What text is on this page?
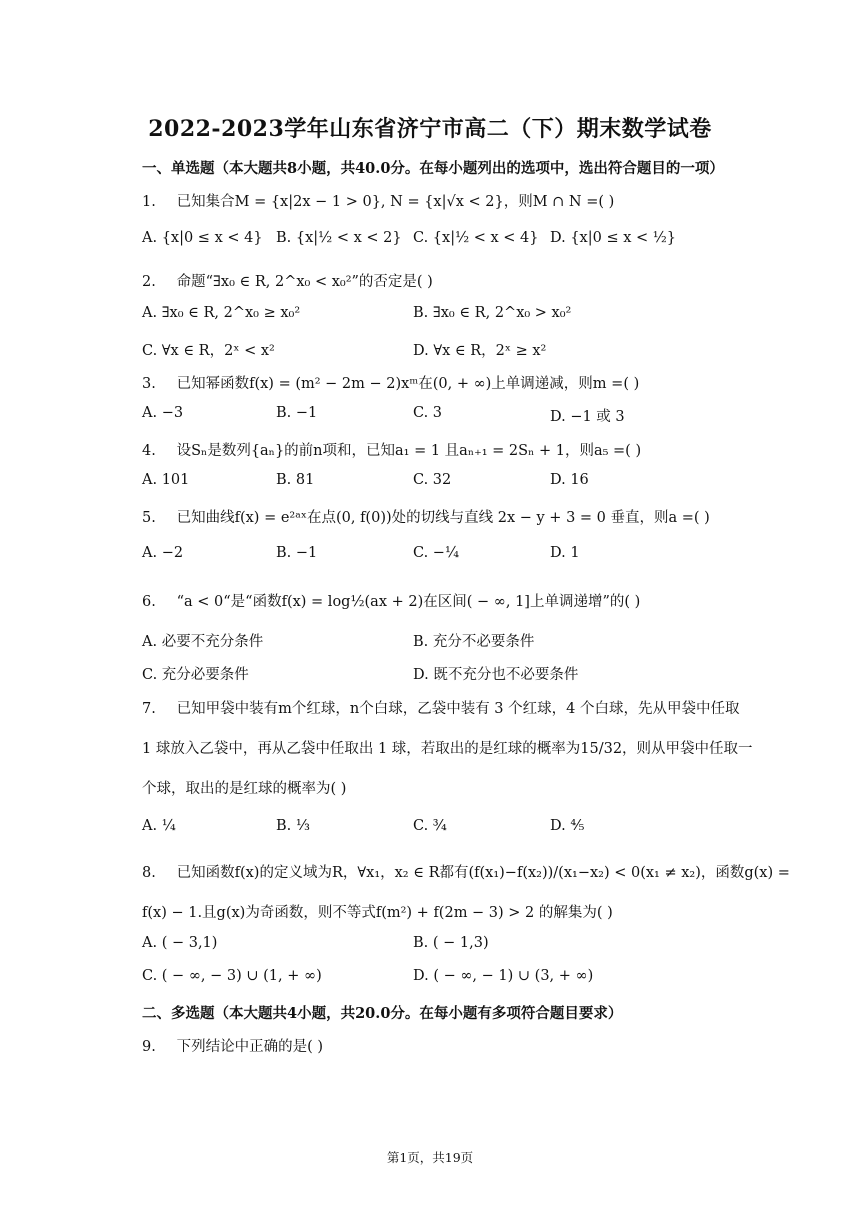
2022-2023学年山东省济宁市高二（下）期末数学试卷
一、单选题（本大题共8小题，共40.0分。在每小题列出的选项中，选出符合题目的一项）
1. 已知集合M = {x|2x − 1 > 0}, N = {x|√x < 2}，则M ∩ N =( )
A. {x|0 ≤ x < 4} B. {x|½ < x < 2} C. {x|½ < x < 4} D. {x|0 ≤ x < ½}
2. 命题“∃x₀ ∈ R, 2^x₀ < x₀²”的否定是( )
A. ∃x₀ ∈ R, 2^x₀ ≥ x₀²	B. ∃x₀ ∈ R, 2^x₀ > x₀²
C. ∀x ∈ R，2ˣ < x²	D. ∀x ∈ R，2ˣ ≥ x²
3. 已知幂函数f(x) = (m² − 2m − 2)xᵐ在(0, + ∞)上单调递减，则m =( )
A. −3	B. −1	C. 3	D. −1 或 3
4. 设Sₙ是数列{aₙ}的前n项和，已知a₁ = 1 且aₙ₊₁ = 2Sₙ + 1，则a₅ =( )
A. 101	B. 81	C. 32	D. 16
5. 已知曲线f(x) = e²ᵃˣ在点(0, f(0))处的切线与直线 2x − y + 3 = 0 垂直，则a =( )
A. −2	B. −1	C. −¼	D. 1
6. “a < 0“是“函数f(x) = log½(ax + 2)在区间( − ∞, 1]上单调递增”的( )
A. 必要不充分条件	B. 充分不必要条件
C. 充分必要条件	D. 既不充分也不必要条件
7. 已知甲袋中装有m个红球，n个白球，乙袋中装有 3 个红球，4 个白球，先从甲袋中任取
1 球放入乙袋中，再从乙袋中任取出 1 球，若取出的是红球的概率为15/32，则从甲袋中任取一
个球，取出的是红球的概率为( )
A. ¼	B. ⅓	C. ¾	D. ⅘
8. 已知函数f(x)的定义域为R，∀x₁，x₂ ∈ R都有(f(x₁)−f(x₂))/(x₁−x₂) < 0(x₁ ≠ x₂)，函数g(x) =
f(x) − 1.且g(x)为奇函数，则不等式f(m²) + f(2m − 3) > 2 的解集为( )
A. ( − 3,1)	B. ( − 1,3)
C. ( − ∞, − 3) ∪ (1, + ∞)	D. ( − ∞, − 1) ∪ (3, + ∞)
二、多选题（本大题共4小题，共20.0分。在每小题有多项符合题目要求）
9. 下列结论中正确的是( )
第1页，共19页
